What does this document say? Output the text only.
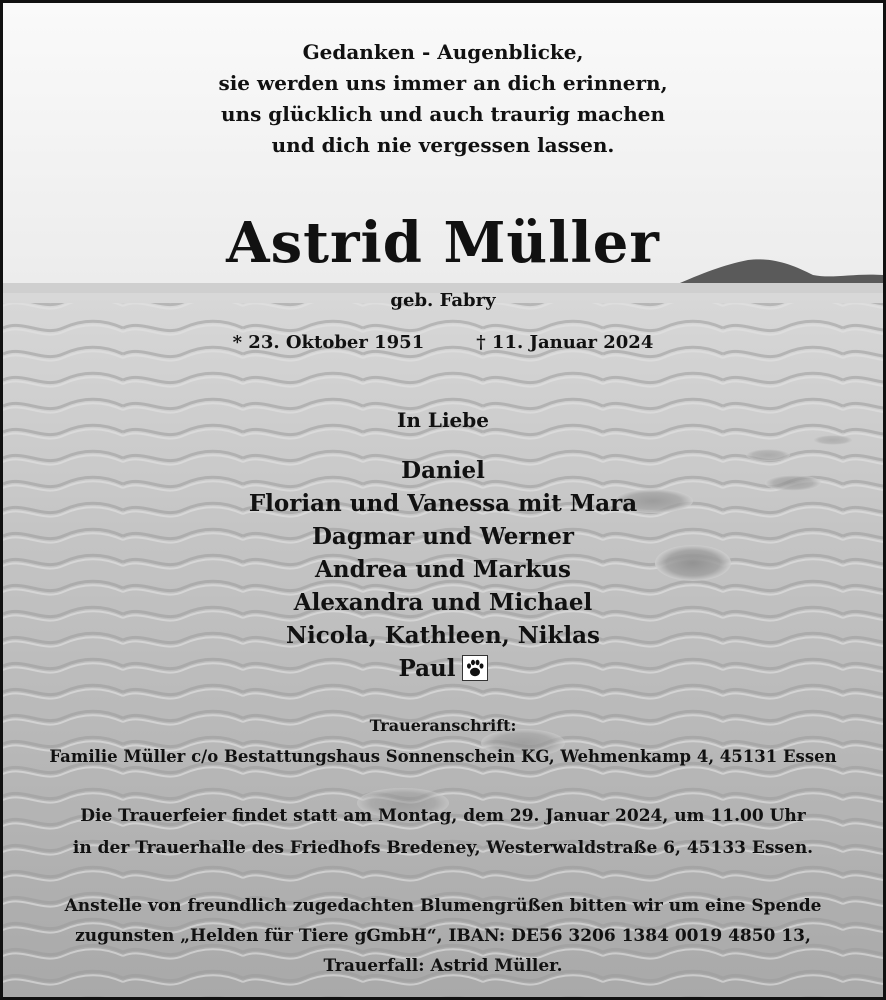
Gedanken - Augenblicke,
sie werden uns immer an dich erinnern,
uns glücklich und auch traurig machen
und dich nie vergessen lassen.
Astrid Müller
geb. Fabry
* 23. Oktober 1951	† 11. Januar 2024
In Liebe
Daniel
Florian und Vanessa mit Mara
Dagmar und Werner
Andrea und Markus
Alexandra und Michael
Nicola, Kathleen, Niklas
Paul
Traueranschrift:
Familie Müller c/o Bestattungshaus Sonnenschein KG, Wehmenkamp 4, 45131 Essen
Die Trauerfeier findet statt am Montag, dem 29. Januar 2024, um 11.00 Uhr
in der Trauerhalle des Friedhofs Bredeney, Westerwaldstraße 6, 45133 Essen.
Anstelle von freundlich zugedachten Blumengrüßen bitten wir um eine Spende
zugunsten „Helden für Tiere gGmbH“, IBAN: DE56 3206 1384 0019 4850 13,
Trauerfall: Astrid Müller.
